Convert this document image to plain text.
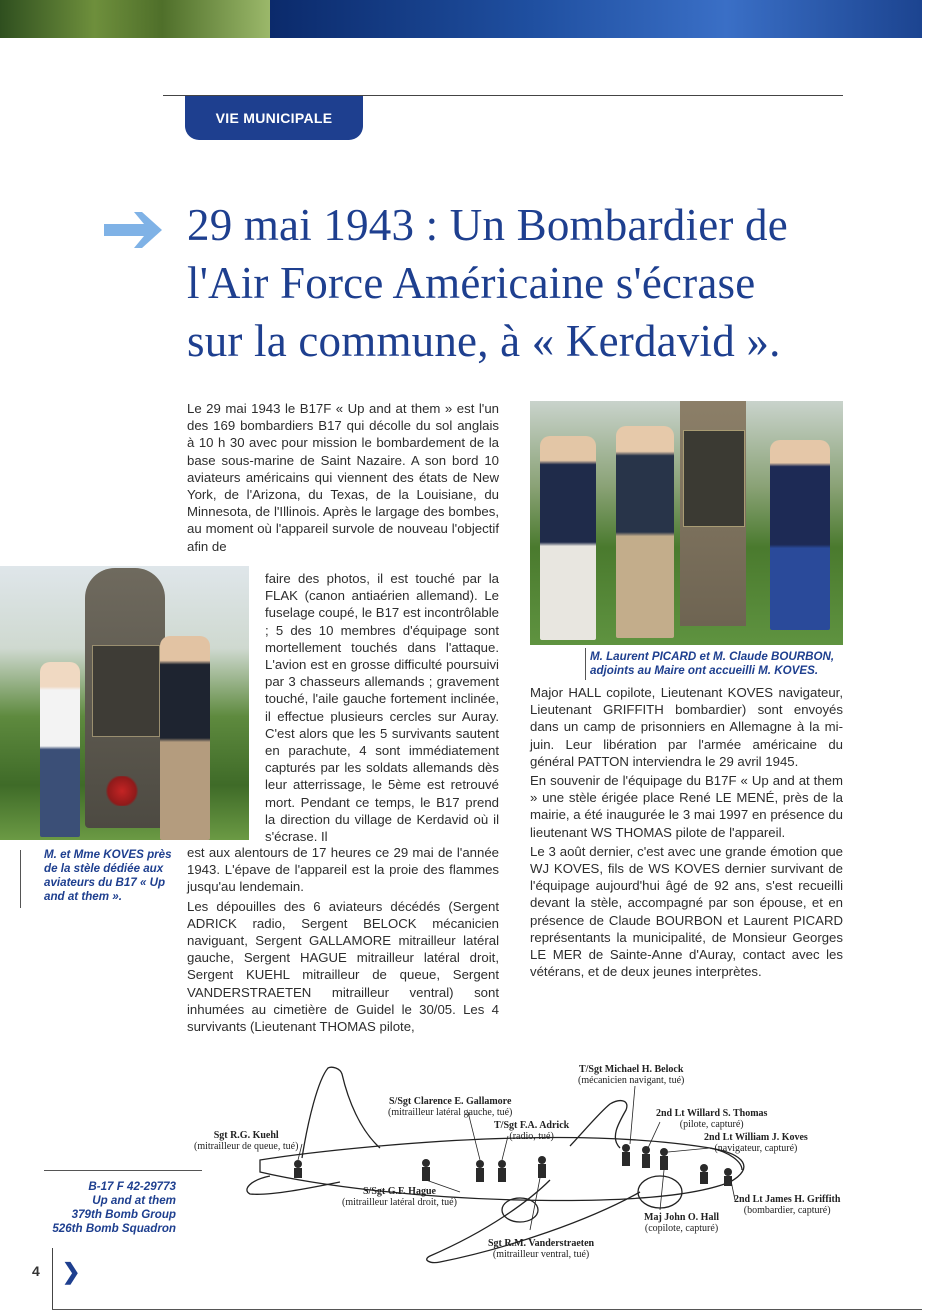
VIE MUNICIPALE
29 mai 1943 : Un Bombardier de
l'Air Force Américaine s'écrase
sur la commune, à « Kerdavid ».

Le 29 mai 1943 le B17F « Up and at them » est l'un des 169 bombardiers B17 qui décolle du sol anglais à 10 h 30 avec pour mission le bombardement de la base sous-marine de Saint Nazaire. A son bord 10 aviateurs américains qui viennent des états de New York, de l'Arizona, du Texas, de la Louisiane, du Minnesota, de l'Illinois. Après le largage des bombes, au moment où l'appareil survole de nouveau l'objectif afin de

faire des photos, il est touché par la FLAK (canon antiaérien allemand). Le fuselage coupé, le B17 est incontrôlable ; 5 des 10 membres d'équipage sont mortellement touchés dans l'attaque. L'avion est en grosse difficulté poursuivi par 3 chasseurs allemands ; gravement touché, l'aile gauche fortement inclinée, il effectue plusieurs cercles sur Auray. C'est alors que les 5 survivants sautent en parachute, 4 sont immédiatement capturés par les soldats allemands dès leur atterrissage, le 5ème est retrouvé mort. Pendant ce temps, le B17 prend la direction du village de Kerdavid où il s'écrase. Il

est aux alentours de 17 heures ce 29 mai de l'année 1943. L'épave de l'appareil est la proie des flammes jusqu'au lendemain.

Les dépouilles des 6 aviateurs décédés (Sergent ADRICK radio, Sergent BELOCK mécanicien naviguant, Sergent GALLAMORE mitrailleur latéral gauche, Sergent HAGUE mitrailleur latéral droit, Sergent KUEHL mitrailleur de queue, Sergent VANDERSTRAETEN mitrailleur ventral) sont inhumées au cimetière de Guidel le 30/05. Les 4 survivants (Lieutenant THOMAS pilote,

M. et Mme KOVES près de la stèle dédiée aux aviateurs du B17 « Up and at them ».
M. Laurent PICARD et M. Claude BOURBON, adjoints au Maire ont accueilli M. KOVES.

Major HALL copilote, Lieutenant KOVES navigateur, Lieutenant GRIFFITH bombardier) sont envoyés dans un camp de prisonniers en Allemagne à la mi-juin. Leur libération par l'armée américaine du général PATTON interviendra le 29 avril 1945.

En souvenir de l'équipage du B17F « Up and at them » une stèle érigée place René LE MENÉ, près de la mairie, a été inaugurée le 3 mai 1997 en présence du lieutenant WS THOMAS pilote de l'appareil.

Le 3 août dernier, c'est avec une grande émotion que WJ KOVES, fils de WS KOVES dernier survivant de l'équipage aujourd'hui âgé de 92 ans, s'est recueilli devant la stèle, accompagné par son épouse, et en présence de Claude BOURBON et Laurent PICARD représentants la municipalité, de Monsieur Georges LE MER de Sainte-Anne d'Auray, contact avec les vétérans, et de deux jeunes interprètes.

B-17 F 42-29773
Up and at them
379th Bomb Group
526th Bomb Squadron
T/Sgt Michael H. Belock
(mécanicien navigant, tué)
S/Sgt Clarence E. Gallamore
(mitrailleur latéral gauche, tué)	2nd Lt Willard S. Thomas
(pilote, capturé)
T/Sgt F.A. Adrick
(radio, tué)	2nd Lt William J. Koves
(navigateur, capturé)
Sgt R.G. Kuehl
(mitrailleur de queue, tué)
2nd Lt James H. Griffith
(bombardier, capturé)
S/Sgt G.F. Hague
(mitrailleur latéral droit, tué)
Maj John O. Hall
(copilote, capturé)
Sgt R.M. Vanderstraeten
(mitrailleur ventral, tué)
4 ❯
